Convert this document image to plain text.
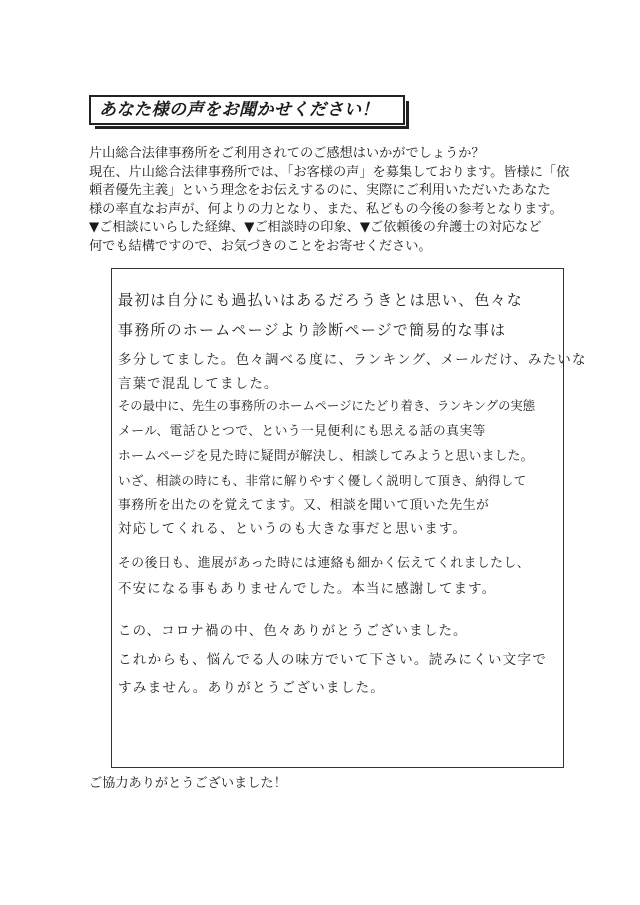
あなた様の声をお聞かせください！
片山総合法律事務所をご利用されてのご感想はいかがでしょうか？
現在、片山総合法律事務所では、「お客様の声」を募集しております。皆様に「依
頼者優先主義」という理念をお伝えするのに、実際にご利用いただいたあなた
様の率直なお声が、何よりの力となり、また、私どもの今後の参考となります。
▼ご相談にいらした経緯、▼ご相談時の印象、▼ご依頼後の弁護士の対応など
何でも結構ですので、お気づきのことをお寄せください。
最初は自分にも過払いはあるだろうきとは思い、色々な
事務所のホームページより診断ページで簡易的な事は
多分してました。色々調べる度に、ランキング、メールだけ、みたいな
言葉で混乱してました。
その最中に、先生の事務所のホームページにたどり着き、ランキングの実態
メール、電話ひとつで、という一見便利にも思える話の真実等
ホームページを見た時に疑問が解決し、相談してみようと思いました。
いざ、相談の時にも、非常に解りやすく優しく説明して頂き、納得して
事務所を出たのを覚えてます。又、相談を聞いて頂いた先生が
対応してくれる、というのも大きな事だと思います。
その後日も、進展があった時には連絡も細かく伝えてくれましたし、
不安になる事もありませんでした。本当に感謝してます。
この、コロナ禍の中、色々ありがとうございました。
これからも、悩んでる人の味方でいて下さい。読みにくい文字で
すみません。ありがとうございました。
ご協力ありがとうございました！
